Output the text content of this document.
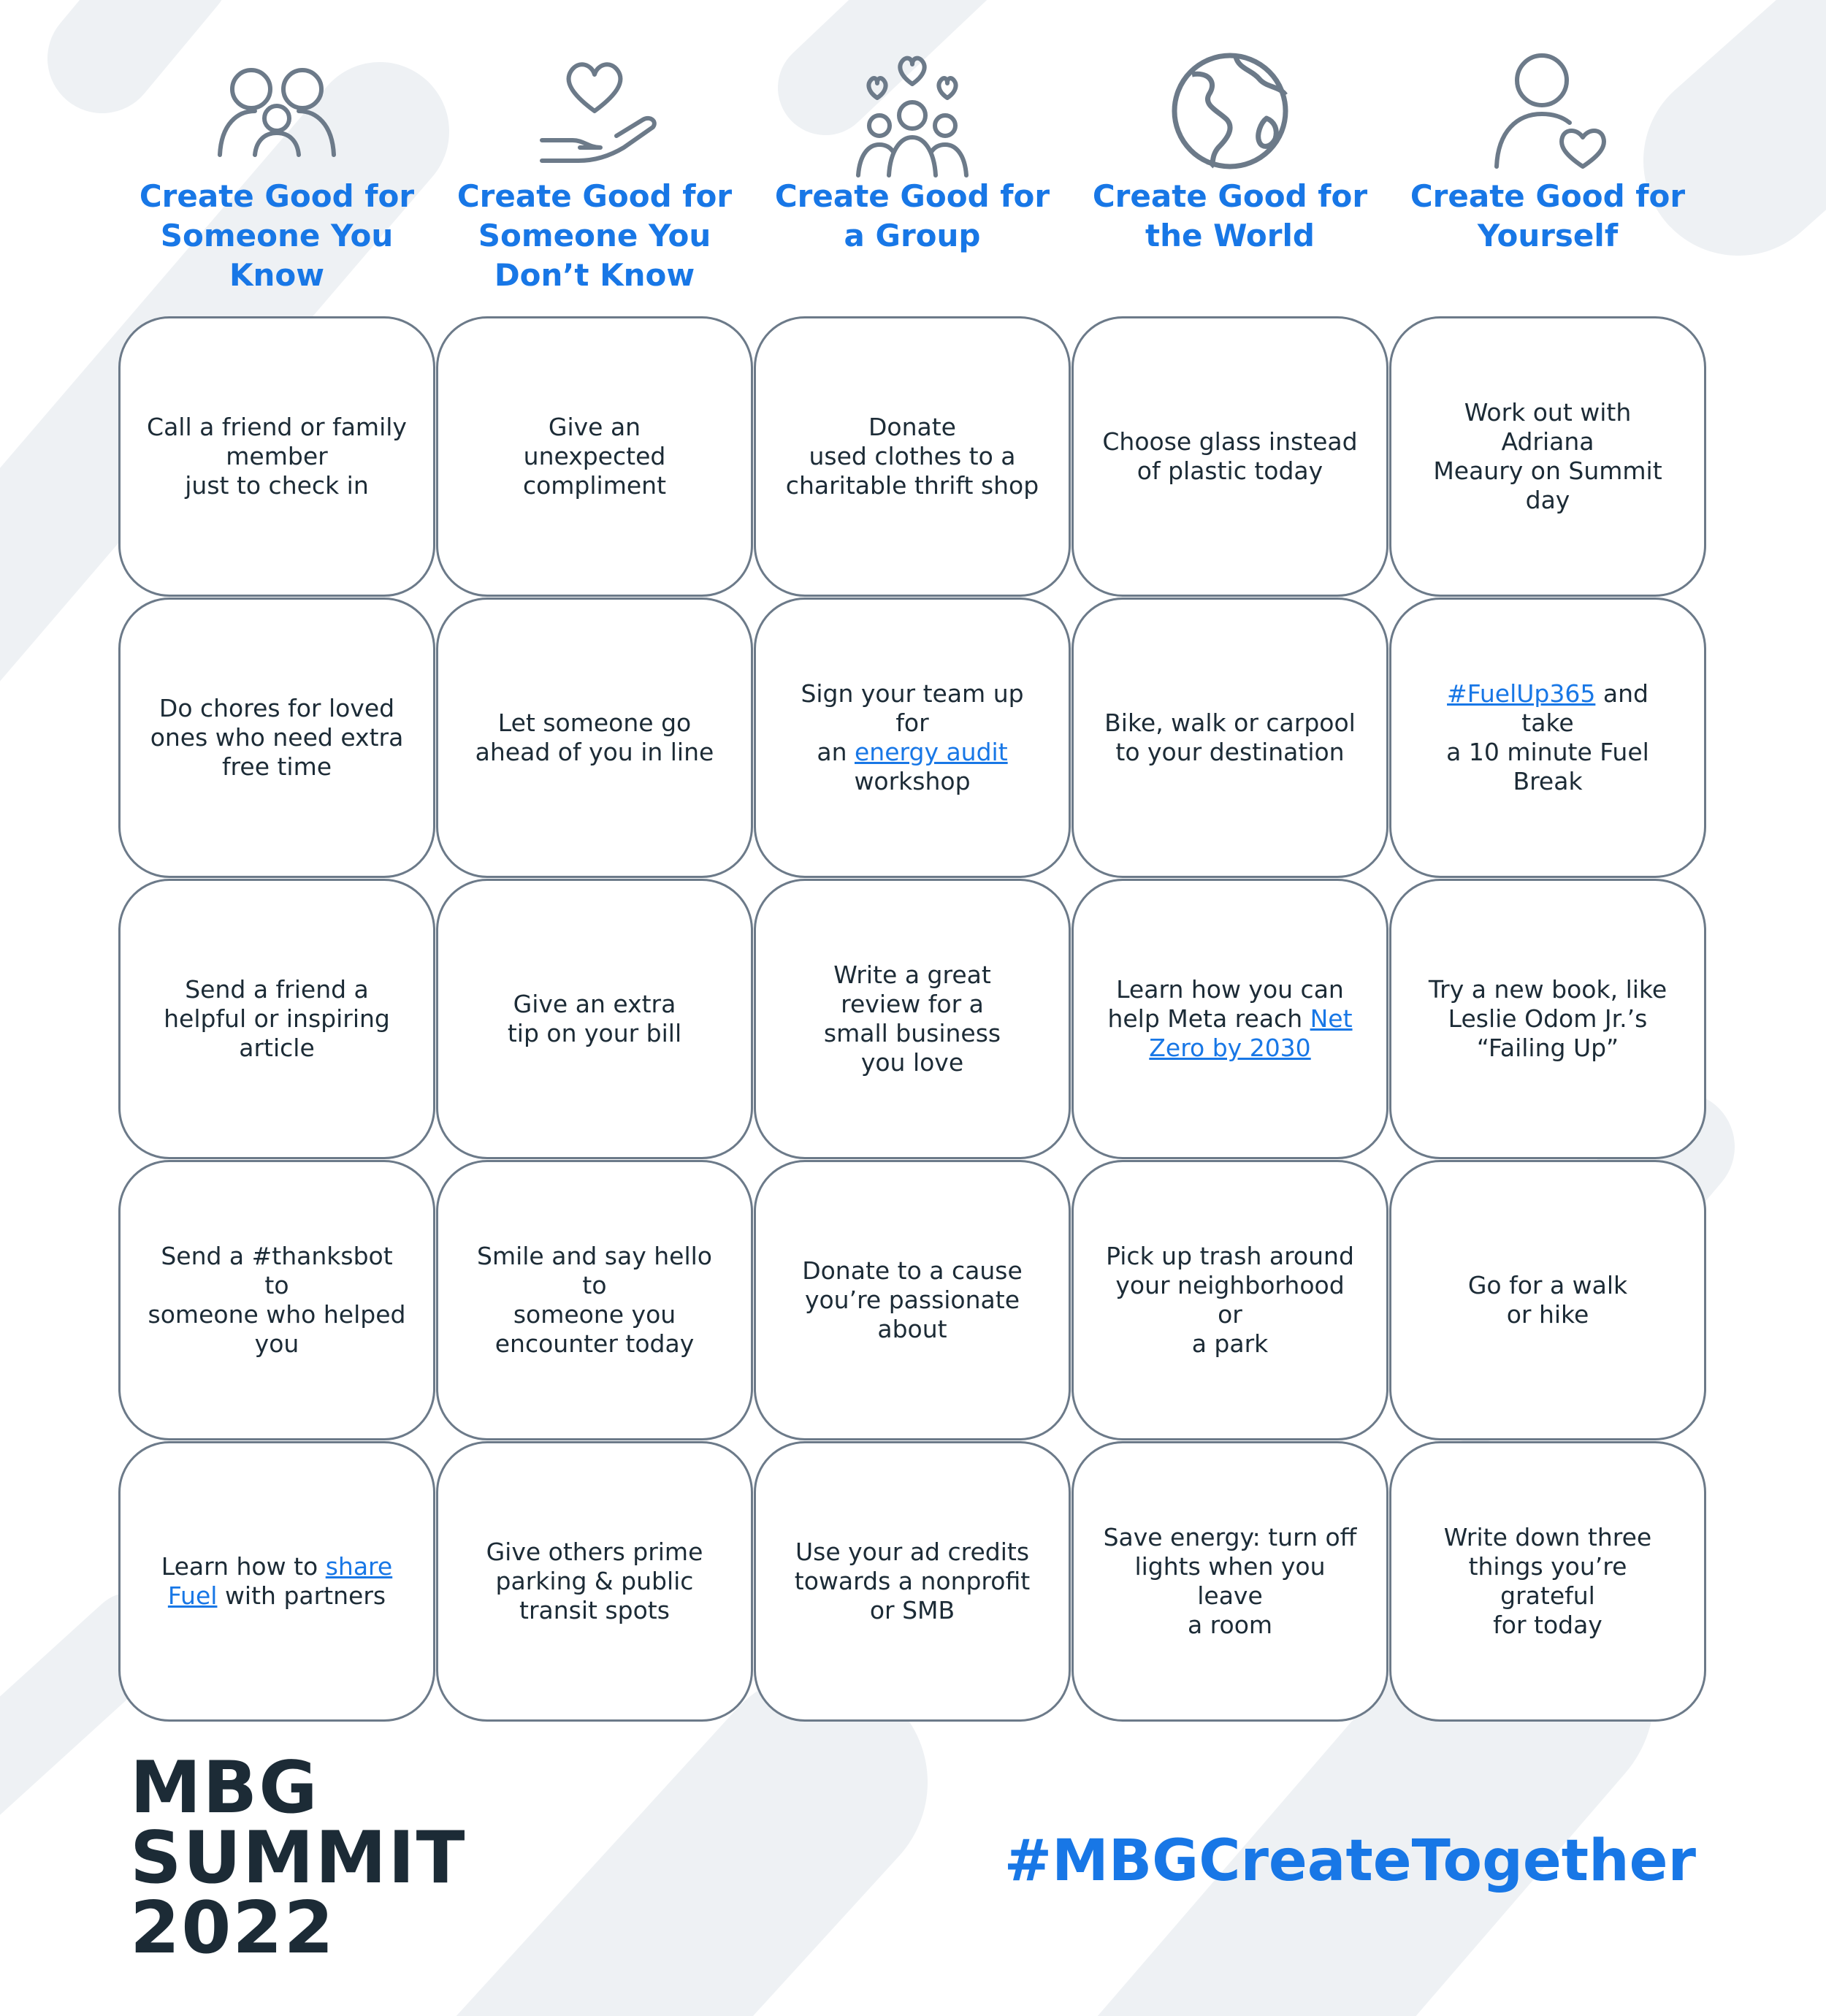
Create Good for
Someone You
Know
Create Good for
Someone You
Don’t Know
Create Good for
a Group
Create Good for
the World
Create Good for
Yourself
Call a friend or family
member
just to check in
Give an
unexpected
compliment
Donate
used clothes to a
charitable thrift shop
Choose glass instead
of plastic today
Work out with Adriana
Meaury on Summit
day
Do chores for loved
ones who need extra
free time
Let someone go
ahead of you in line
Sign your team up for
an energy audit
workshop
Bike, walk or carpool
to your destination
#FuelUp365 and take
a 10 minute Fuel
Break
Send a friend a
helpful or inspiring
article
Give an extra
tip on your bill
Write a great
review for a
small business
you love
Learn how you can
help Meta reach Net
Zero by 2030
Try a new book, like
Leslie Odom Jr.’s
“Failing Up”
Send a #thanksbot to
someone who helped
you
Smile and say hello to
someone you
encounter today
Donate to a cause
you’re passionate
about
Pick up trash around
your neighborhood or
a park
Go for a walk
or hike
Learn how to share
Fuel with partners
Give others prime
parking & public
transit spots
Use your ad credits
towards a nonprofit
or SMB
Save energy: turn off
lights when you leave
a room
Write down three
things you’re grateful
for today
MBG
SUMMIT
2022
#MBGCreateTogether
